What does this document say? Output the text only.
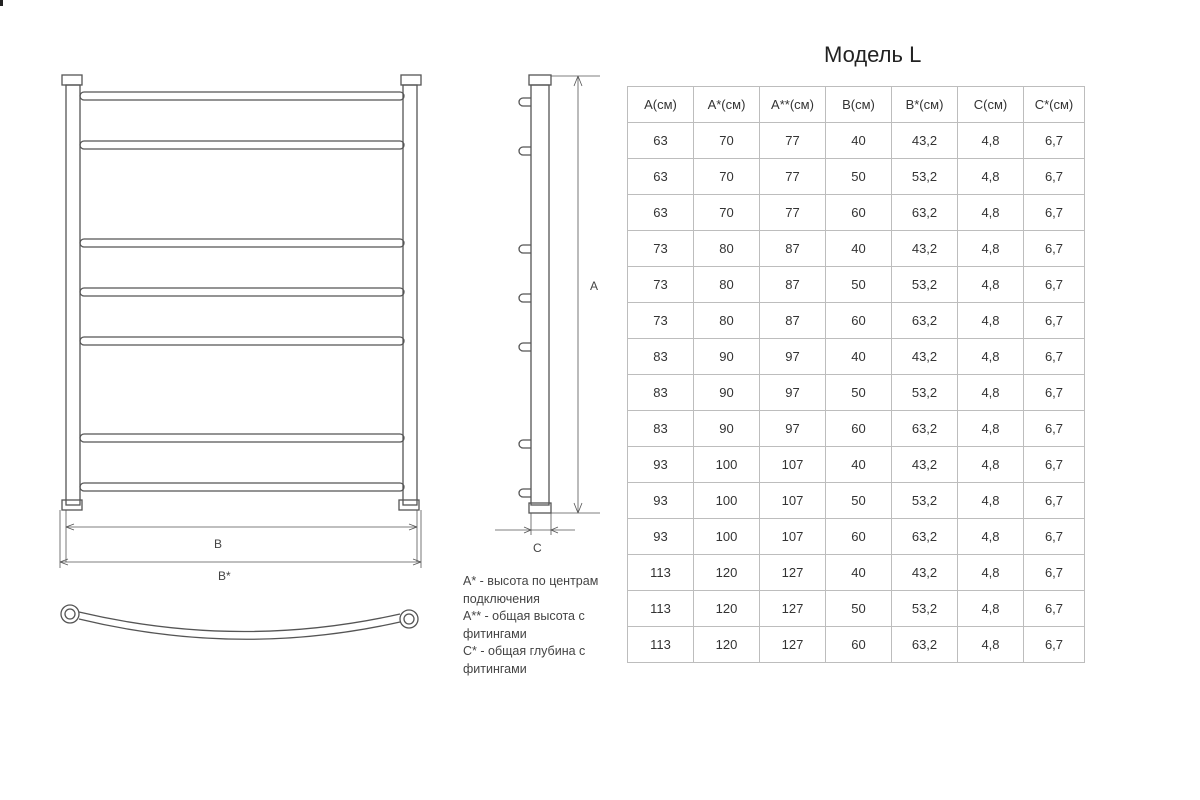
B
B*
A
C
Модель L
A(см)	A*(см)	A**(см)	B(см)	B*(см)	C(см)	C*(см)
63	70	77	40	43,2	4,8	6,7
63	70	77	50	53,2	4,8	6,7
63	70	77	60	63,2	4,8	6,7
73	80	87	40	43,2	4,8	6,7
73	80	87	50	53,2	4,8	6,7
73	80	87	60	63,2	4,8	6,7
83	90	97	40	43,2	4,8	6,7
83	90	97	50	53,2	4,8	6,7
83	90	97	60	63,2	4,8	6,7
93	100	107	40	43,2	4,8	6,7
93	100	107	50	53,2	4,8	6,7
93	100	107	60	63,2	4,8	6,7
113	120	127	40	43,2	4,8	6,7
113	120	127	50	53,2	4,8	6,7
113	120	127	60	63,2	4,8	6,7
A* - высота по центрам подключения
A** - общая высота с фитингами
C* - общая глубина с фитингами
